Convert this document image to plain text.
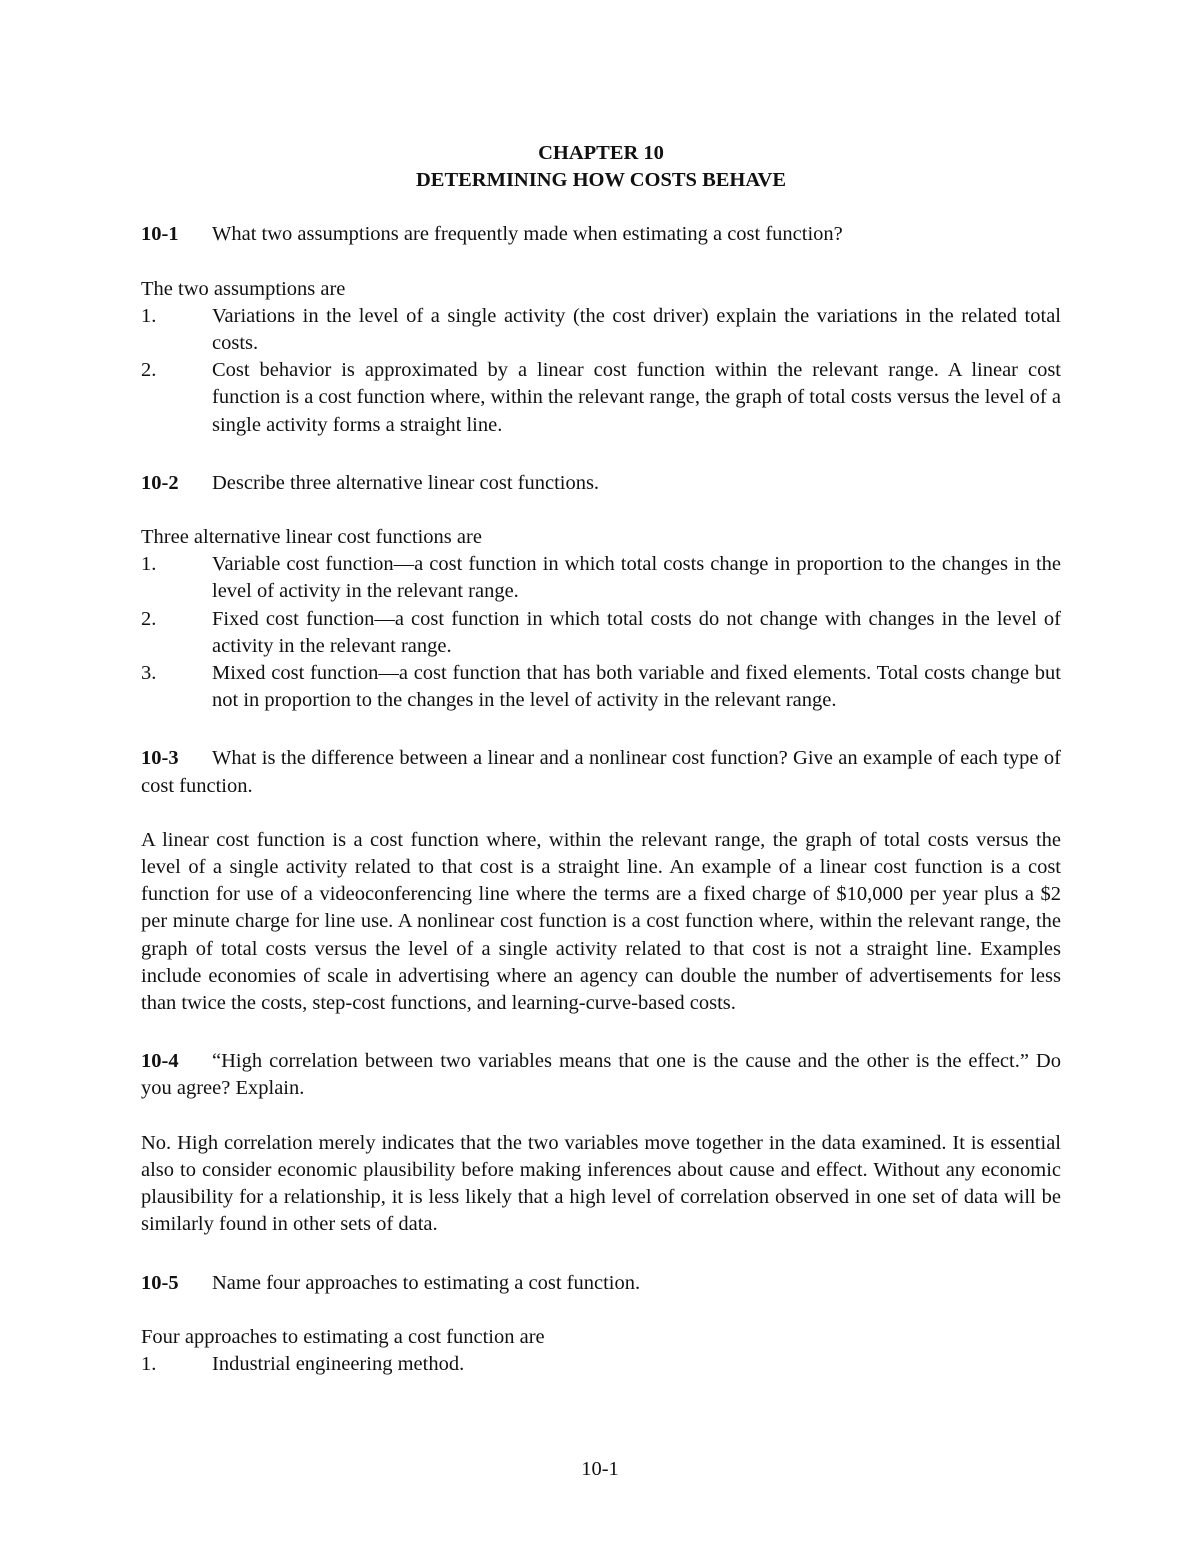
CHAPTER 10

DETERMINING HOW COSTS BEHAVE

10-1 What two assumptions are frequently made when estimating a cost function?

The two assumptions are

1.	Variations in the level of a single activity (the cost driver) explain the variations in the related total costs.
2.	Cost behavior is approximated by a linear cost function within the relevant range. A linear cost function is a cost function where, within the relevant range, the graph of total costs versus the level of a single activity forms a straight line.

10-2 Describe three alternative linear cost functions.

Three alternative linear cost functions are

1.	Variable cost function—a cost function in which total costs change in proportion to the changes in the level of activity in the relevant range.
2.	Fixed cost function—a cost function in which total costs do not change with changes in the level of activity in the relevant range.
3.	Mixed cost function—a cost function that has both variable and fixed elements. Total costs change but not in proportion to the changes in the level of activity in the relevant range.

10-3 What is the difference between a linear and a nonlinear cost function? Give an example of each type of cost function.

A linear cost function is a cost function where, within the relevant range, the graph of total costs versus the level of a single activity related to that cost is a straight line. An example of a linear cost function is a cost function for use of a videoconferencing line where the terms are a fixed charge of $10,000 per year plus a $2 per minute charge for line use. A nonlinear cost function is a cost function where, within the relevant range, the graph of total costs versus the level of a single activity related to that cost is not a straight line. Examples include economies of scale in advertising where an agency can double the number of advertisements for less than twice the costs, step-cost functions, and learning-curve-based costs.

10-4 “High correlation between two variables means that one is the cause and the other is the effect.” Do you agree? Explain.

No. High correlation merely indicates that the two variables move together in the data examined. It is essential also to consider economic plausibility before making inferences about cause and effect. Without any economic plausibility for a relationship, it is less likely that a high level of correlation observed in one set of data will be similarly found in other sets of data.

10-5 Name four approaches to estimating a cost function.

Four approaches to estimating a cost function are

1.	Industrial engineering method.
10-1
